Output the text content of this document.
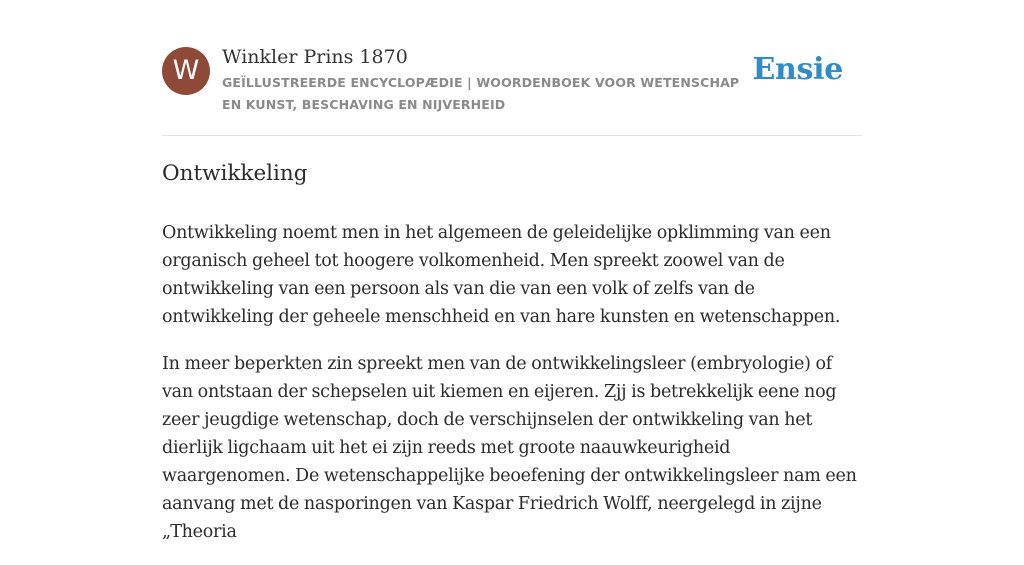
W	Winkler Prins 1870

GEÏLLUSTREERDE ENCYCLOPÆDIE | WOORDENBOEK VOOR WETENSCHAP EN KUNST, BESCHAVING EN NIJVERHEID

Ensie
Ontwikkeling

Ontwikkeling noemt men in het algemeen de geleidelijke opklimming van een organisch geheel tot hoogere volkomenheid. Men spreekt zoowel van de ontwikkeling van een persoon als van die van een volk of zelfs van de ontwikkeling der geheele menschheid en van hare kunsten en wetenschappen.

In meer beperkten zin spreekt men van de ontwikkelingsleer (embryologie) of van ontstaan der schepselen uit kiemen en eijeren. Zjj is betrekkelijk eene nog zeer jeugdige wetenschap, doch de verschijnselen der ontwikkeling van het dierlijk ligchaam uit het ei zijn reeds met groote naauwkeurigheid waargenomen. De wetenschappelijke beoefening der ontwikkelingsleer nam een aanvang met de nasporingen van Kaspar Friedrich Wolff, neergelegd in zijne „Theoria
